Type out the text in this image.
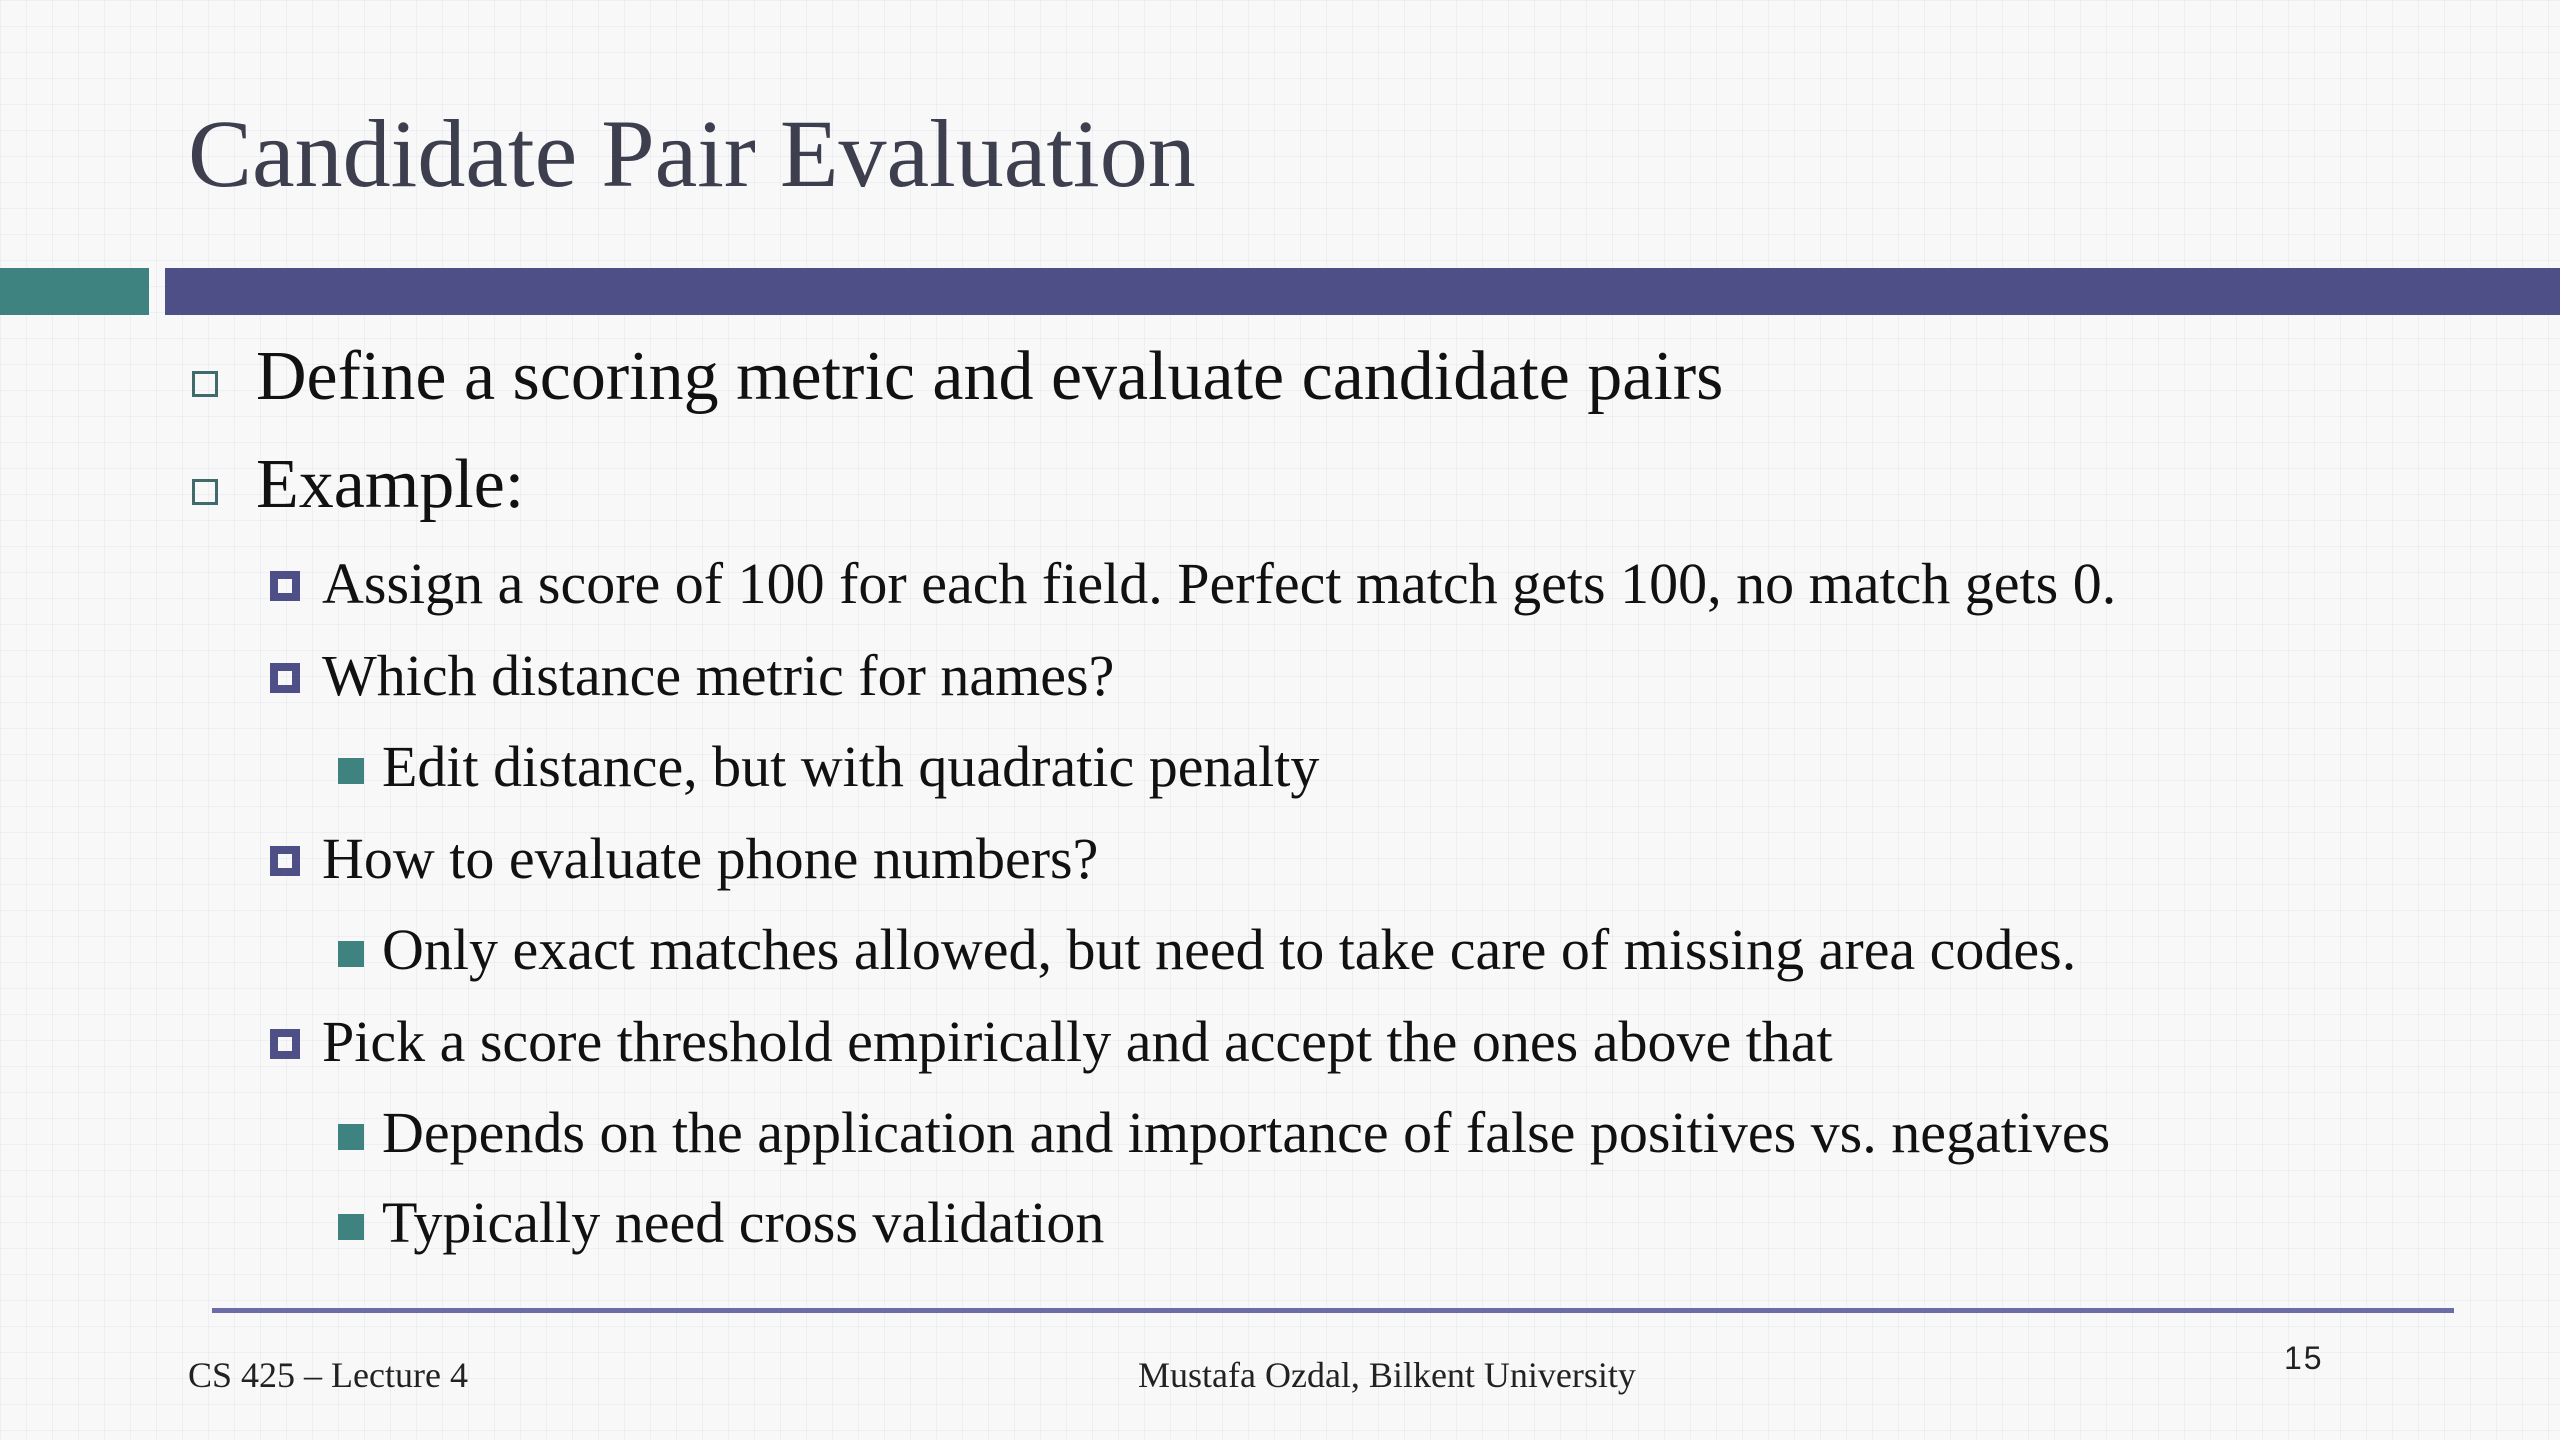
Candidate Pair Evaluation
Define a scoring metric and evaluate candidate pairs
Example:
Assign a score of 100 for each field. Perfect match gets 100, no match gets 0.
Which distance metric for names?
Edit distance, but with quadratic penalty
How to evaluate phone numbers?
Only exact matches allowed, but need to take care of missing area codes.
Pick a score threshold empirically and accept the ones above that
Depends on the application and importance of false positives vs. negatives
Typically need cross validation
CS 425 – Lecture 4	Mustafa Ozdal, Bilkent University	15
